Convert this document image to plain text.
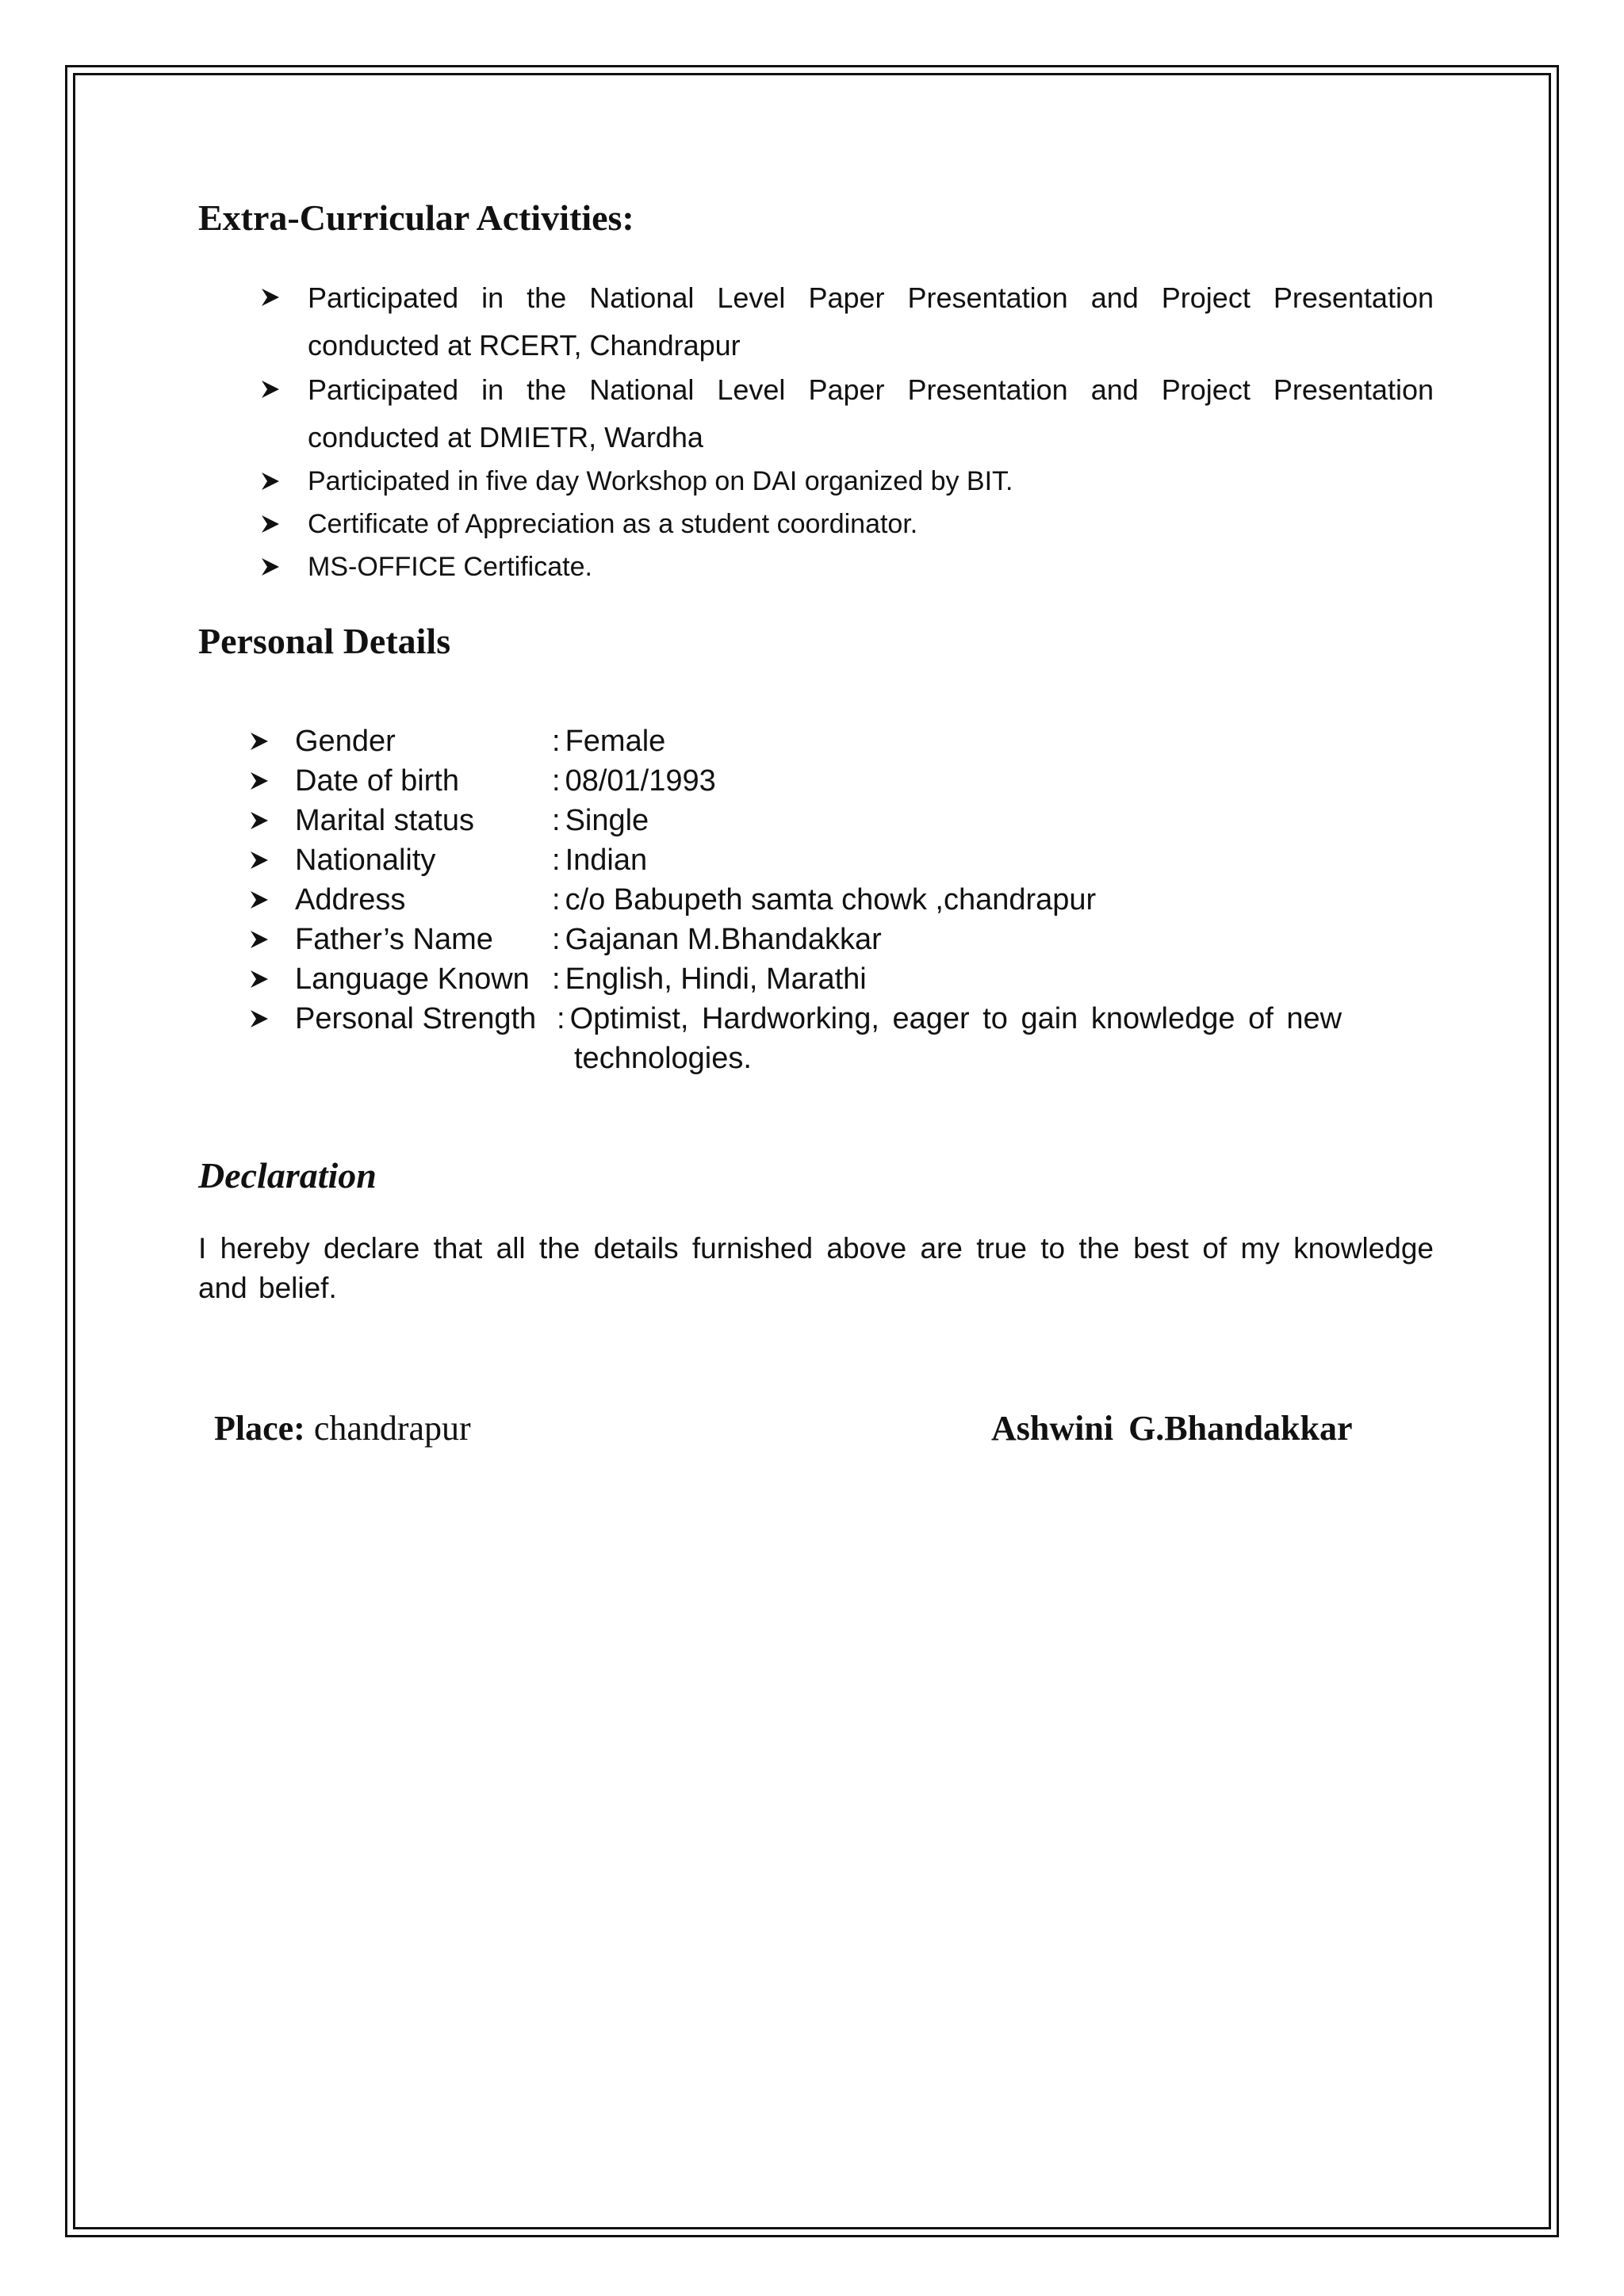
Extra-Curricular Activities:
Participated in the National Level Paper Presentation and Project Presentation conducted at RCERT, Chandrapur
Participated in the National Level Paper Presentation and Project Presentation conducted at DMIETR, Wardha
Participated in five day Workshop on DAI organized by BIT.
Certificate of Appreciation as a student coordinator.
MS-OFFICE Certificate.
Personal Details
Gender	: Female
Date of birth	: 08/01/1993
Marital status	: Single
Nationality	: Indian
Address	: c/o Babupeth samta chowk ,chandrapur
Father’s Name : Gajanan M.Bhandakkar
Language Known : English, Hindi, Marathi
Personal Strength : Optimist, Hardworking, eager to gain knowledge of new
technologies.
Declaration

I hereby declare that all the details furnished above are true to the best of my knowledge and belief.

Place: chandrapur	Ashwini G.Bhandakkar
